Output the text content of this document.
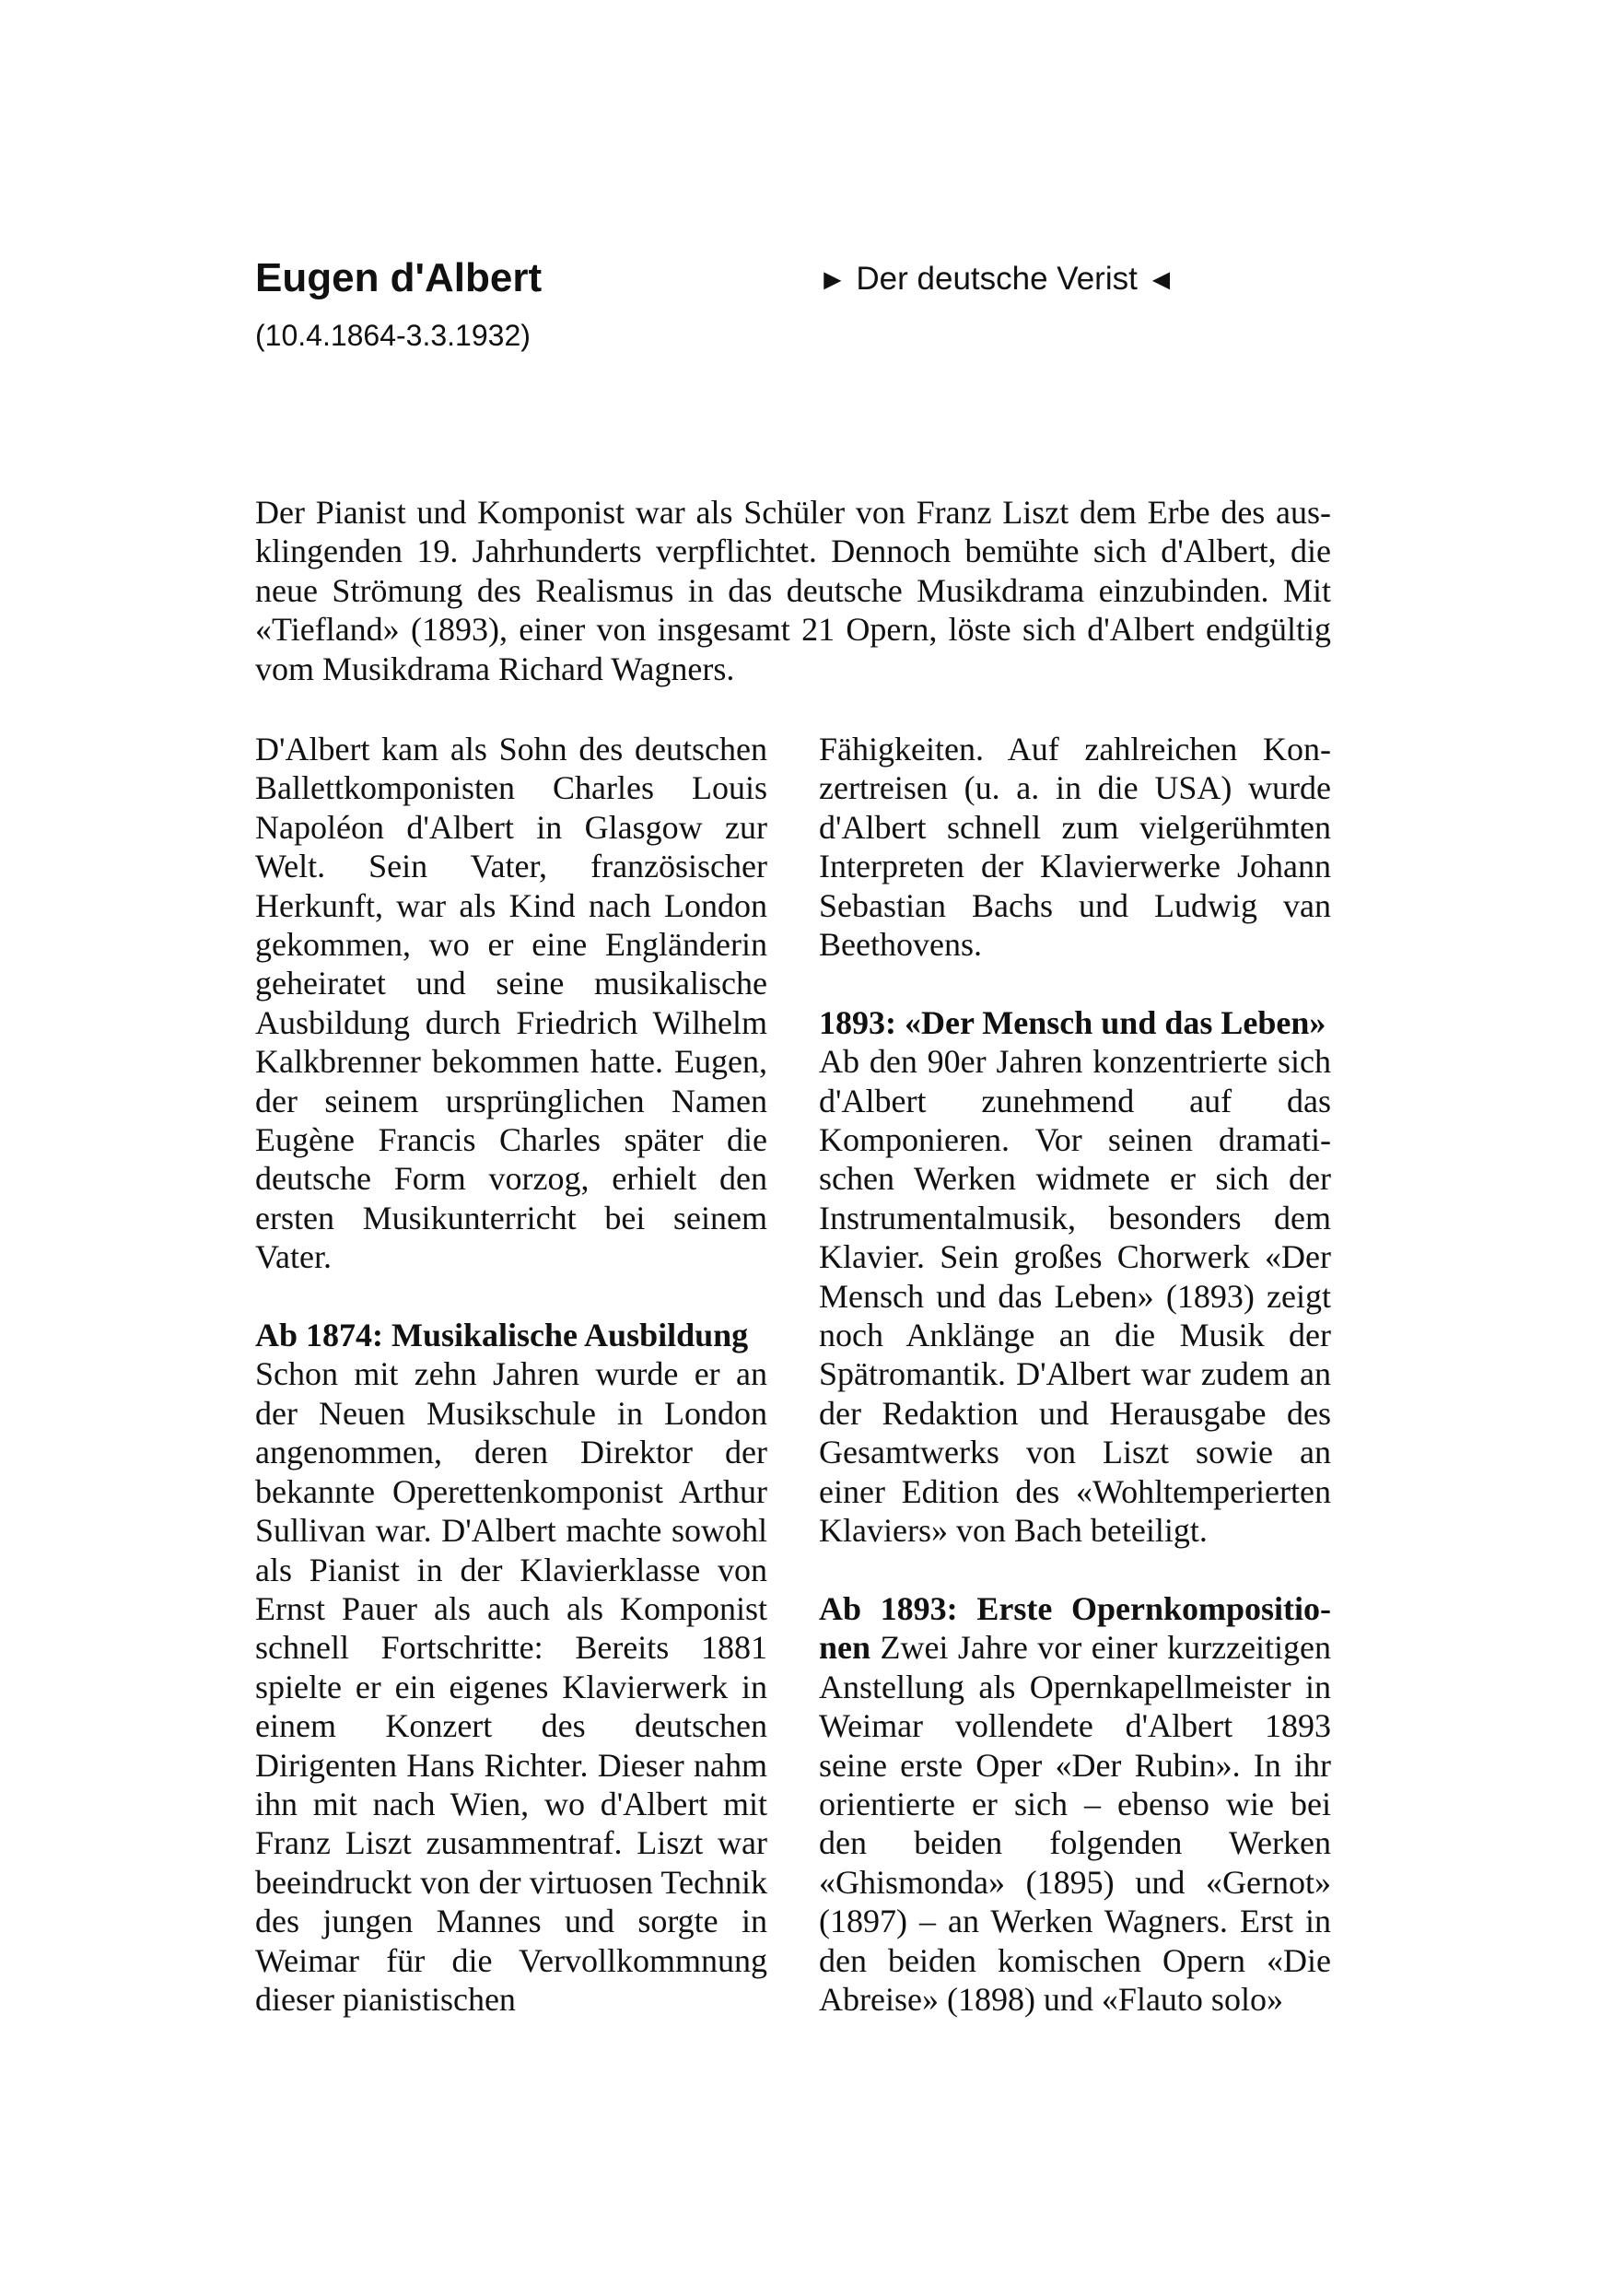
Eugen d'Albert
(10.4.1864-3.3.1932)
► Der deutsche Verist ◄

Der Pianist und Komponist war als Schüler von Franz Liszt dem Erbe des ausklingenden 19. Jahrhunderts verpflichtet. Dennoch bemühte sich d'Albert, die neue Strömung des Realismus in das deutsche Musikdrama einzubinden. Mit «Tiefland» (1893), einer von insgesamt 21 Opern, löste sich d'Albert endgültig vom Musikdrama Richard Wagners.

D'Albert kam als Sohn des deutschen Ballettkomponisten Charles Louis Napoléon d'Albert in Glasgow zur Welt. Sein Vater, französischer Herkunft, war als Kind nach London gekommen, wo er eine Engländerin geheiratet und seine musikalische Ausbildung durch Friedrich Wilhelm Kalkbrenner bekommen hatte. Eugen, der seinem ursprünglichen Namen Eugène Francis Charles später die deutsche Form vorzog, erhielt den ersten Musikunterricht bei seinem Vater.

Ab 1874: Musikalische Ausbildung
Schon mit zehn Jahren wurde er an der Neuen Musikschule in London angenommen, deren Direktor der bekannte Operettenkomponist Arthur Sullivan war. D'Albert machte sowohl als Pianist in der Klavierklasse von Ernst Pauer als auch als Komponist schnell Fortschritte: Bereits 1881 spielte er ein eigenes Klavierwerk in einem Konzert des deutschen Dirigenten Hans Richter. Dieser nahm ihn mit nach Wien, wo d'Albert mit Franz Liszt zusammentraf. Liszt war beeindruckt von der virtuosen Technik des jungen Mannes und sorgte in Weimar für die Vervollkommnung dieser pianistischen

Fähigkeiten. Auf zahlreichen Konzertreisen (u. a. in die USA) wurde d'Albert schnell zum vielgerühmten Interpreten der Klavierwerke Johann Sebastian Bachs und Ludwig van Beethovens.

1893: «Der Mensch und das Leben»
Ab den 90er Jahren konzentrierte sich d'Albert zunehmend auf das Komponieren. Vor seinen dramatischen Werken widmete er sich der Instrumentalmusik, besonders dem Klavier. Sein großes Chorwerk «Der Mensch und das Leben» (1893) zeigt noch Anklänge an die Musik der Spätromantik. D'Albert war zudem an der Redaktion und Herausgabe des Gesamtwerks von Liszt sowie an einer Edition des «Wohltemperierten Klaviers» von Bach beteiligt.
Ab 1893: Erste Opernkompositionen Zwei Jahre vor einer kurzzeitigen Anstellung als Opernkapellmeister in Weimar vollendete d'Albert 1893 seine erste Oper «Der Rubin». In ihr orientierte er sich – ebenso wie bei den beiden folgenden Werken «Ghismonda» (1895) und «Gernot» (1897) – an Werken Wagners. Erst in den beiden komischen Opern «Die Abreise» (1898) und «Flauto solo»
